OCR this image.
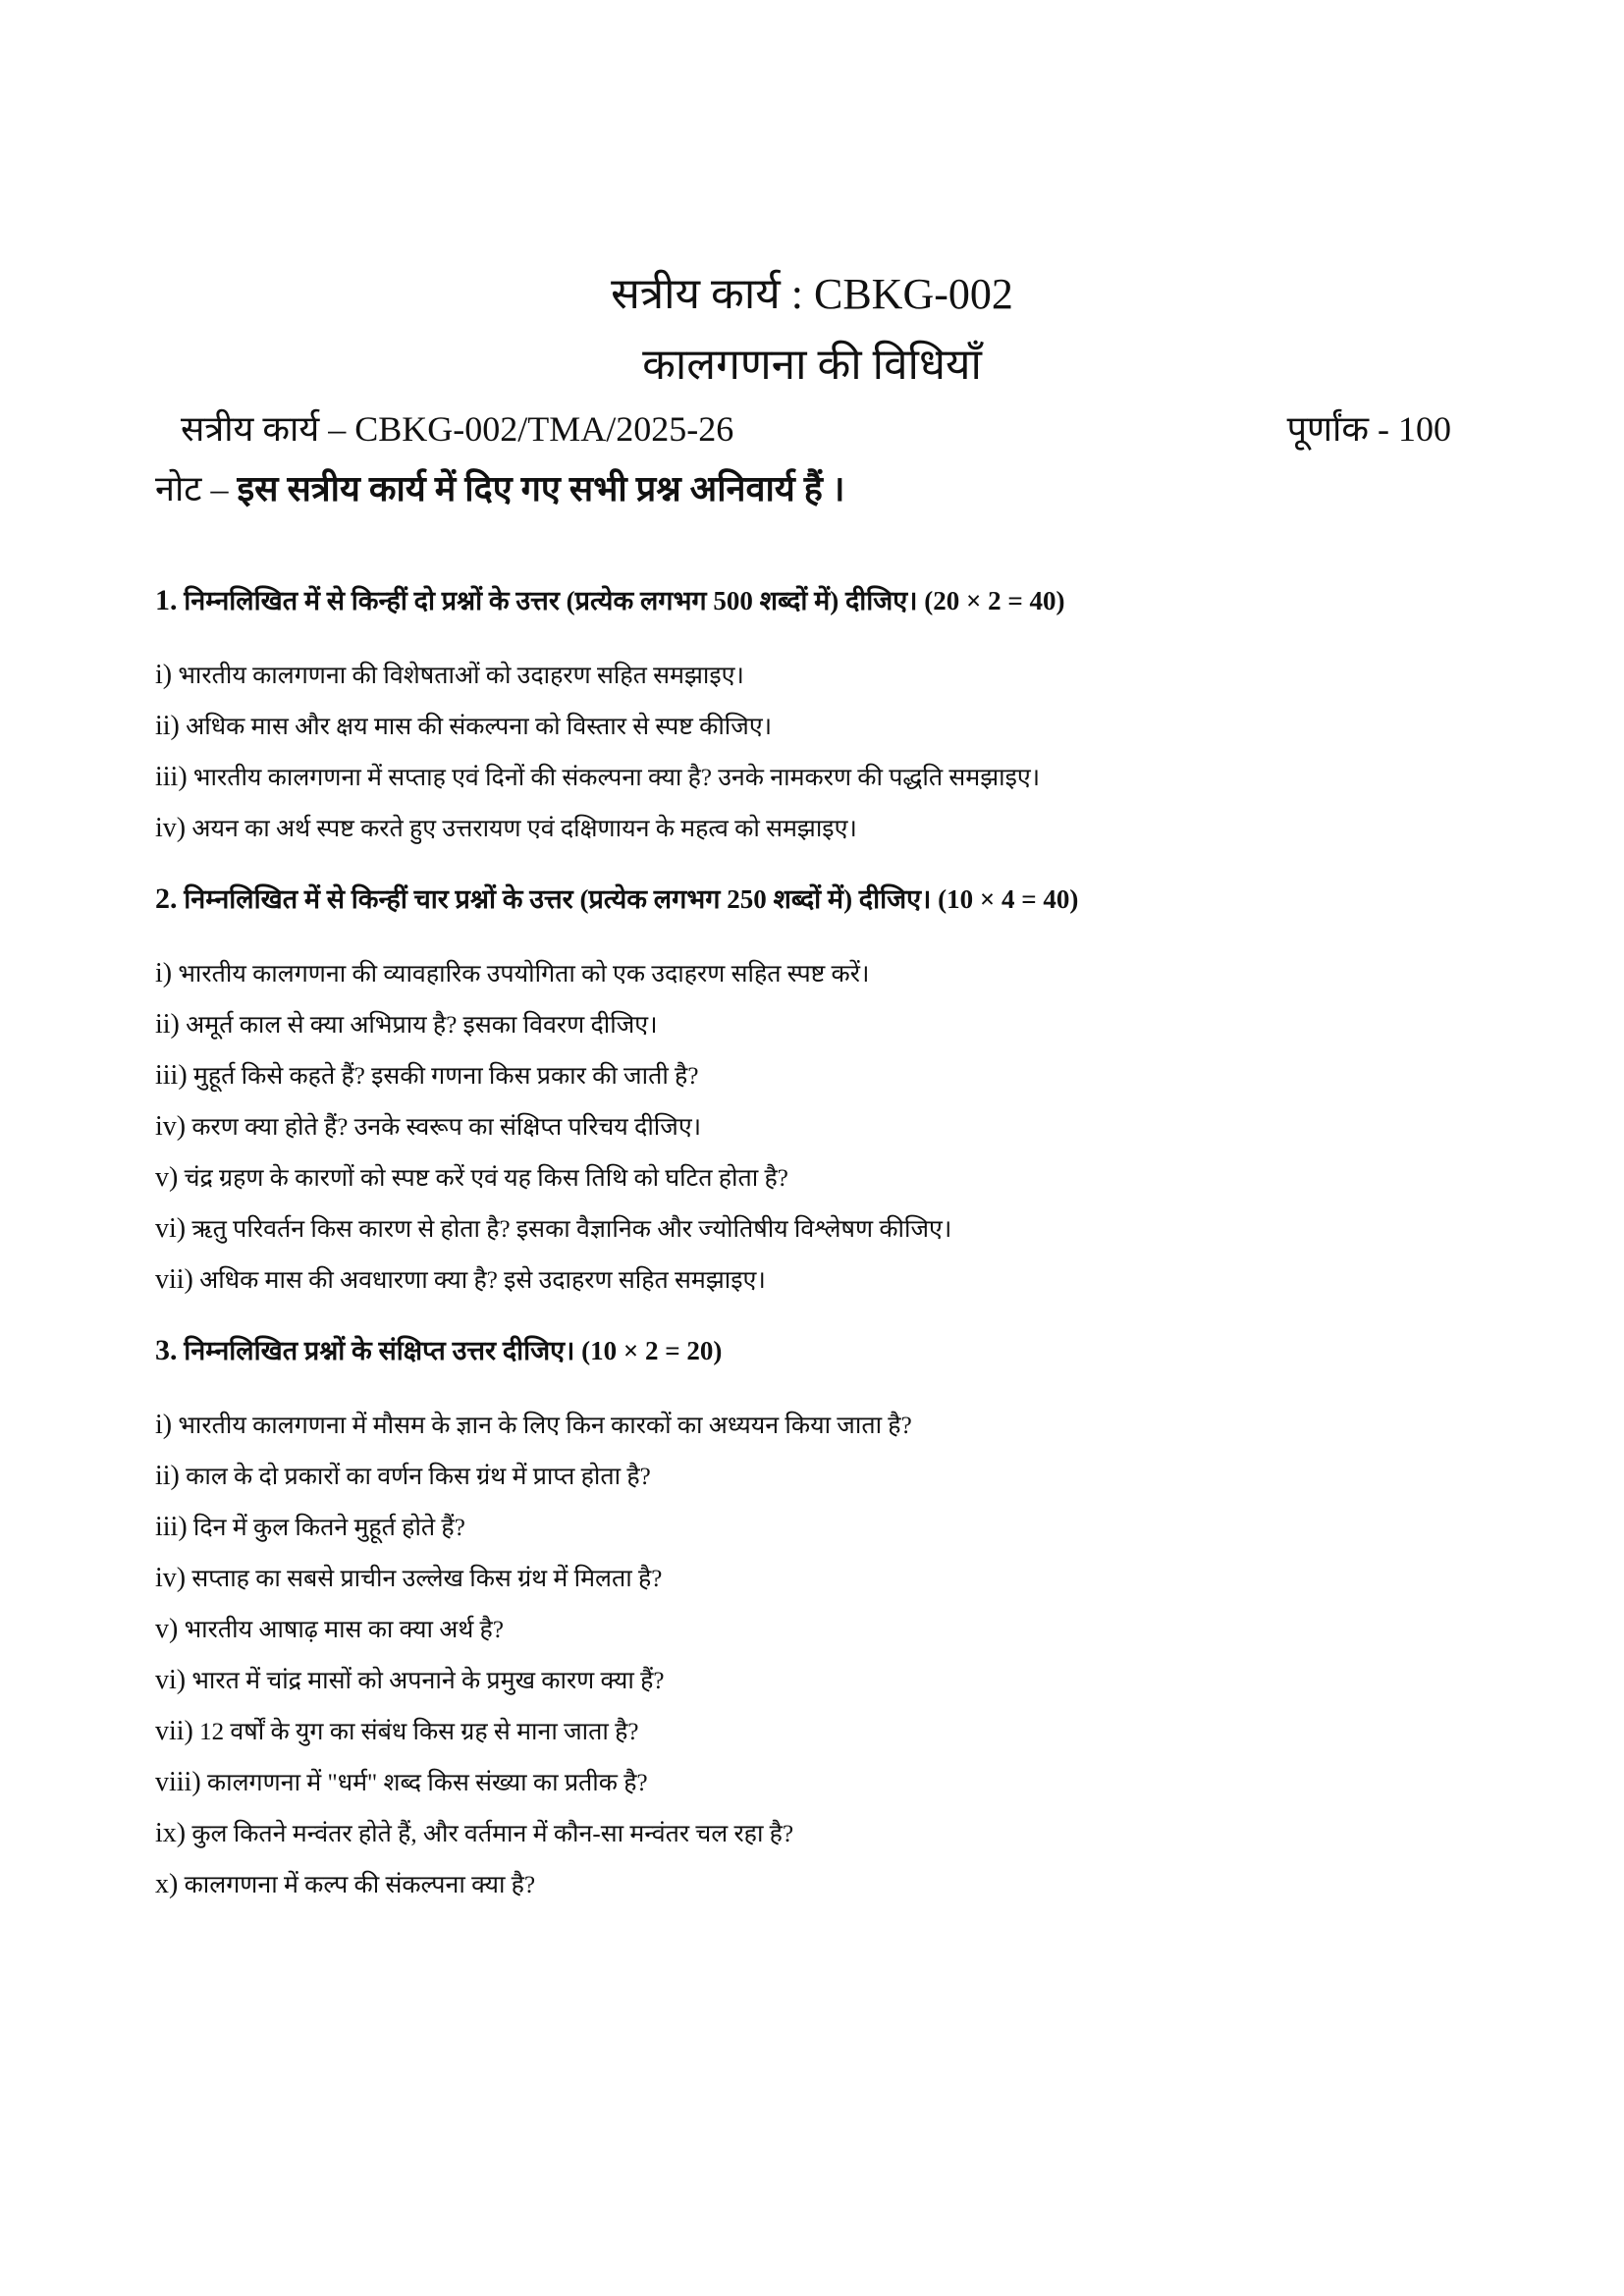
सत्रीय कार्य : CBKG-002
कालगणना की विधियाँ
सत्रीय कार्य – CBKG-002/TMA/2025-26	पूर्णांक - 100
नोट – इस सत्रीय कार्य में दिए गए सभी प्रश्न अनिवार्य हैं ।
1. निम्नलिखित में से किन्हीं दो प्रश्नों के उत्तर (प्रत्येक लगभग 500 शब्दों में) दीजिए। (20 × 2 = 40)
i) भारतीय कालगणना की विशेषताओं को उदाहरण सहित समझाइए।
ii) अधिक मास और क्षय मास की संकल्पना को विस्तार से स्पष्ट कीजिए।
iii) भारतीय कालगणना में सप्ताह एवं दिनों की संकल्पना क्या है? उनके नामकरण की पद्धति समझाइए।
iv) अयन का अर्थ स्पष्ट करते हुए उत्तरायण एवं दक्षिणायन के महत्व को समझाइए।
2. निम्नलिखित में से किन्हीं चार प्रश्नों के उत्तर (प्रत्येक लगभग 250 शब्दों में) दीजिए। (10 × 4 = 40)
i) भारतीय कालगणना की व्यावहारिक उपयोगिता को एक उदाहरण सहित स्पष्ट करें।
ii) अमूर्त काल से क्या अभिप्राय है? इसका विवरण दीजिए।
iii) मुहूर्त किसे कहते हैं? इसकी गणना किस प्रकार की जाती है?
iv) करण क्या होते हैं? उनके स्वरूप का संक्षिप्त परिचय दीजिए।
v) चंद्र ग्रहण के कारणों को स्पष्ट करें एवं यह किस तिथि को घटित होता है?
vi) ऋतु परिवर्तन किस कारण से होता है? इसका वैज्ञानिक और ज्योतिषीय विश्लेषण कीजिए।
vii) अधिक मास की अवधारणा क्या है? इसे उदाहरण सहित समझाइए।
3. निम्नलिखित प्रश्नों के संक्षिप्त उत्तर दीजिए। (10 × 2 = 20)
i) भारतीय कालगणना में मौसम के ज्ञान के लिए किन कारकों का अध्ययन किया जाता है?
ii) काल के दो प्रकारों का वर्णन किस ग्रंथ में प्राप्त होता है?
iii) दिन में कुल कितने मुहूर्त होते हैं?
iv) सप्ताह का सबसे प्राचीन उल्लेख किस ग्रंथ में मिलता है?
v) भारतीय आषाढ़ मास का क्या अर्थ है?
vi) भारत में चांद्र मासों को अपनाने के प्रमुख कारण क्या हैं?
vii) 12 वर्षों के युग का संबंध किस ग्रह से माना जाता है?
viii) कालगणना में "धर्म" शब्द किस संख्या का प्रतीक है?
ix) कुल कितने मन्वंतर होते हैं, और वर्तमान में कौन-सा मन्वंतर चल रहा है?
x) कालगणना में कल्प की संकल्पना क्या है?
